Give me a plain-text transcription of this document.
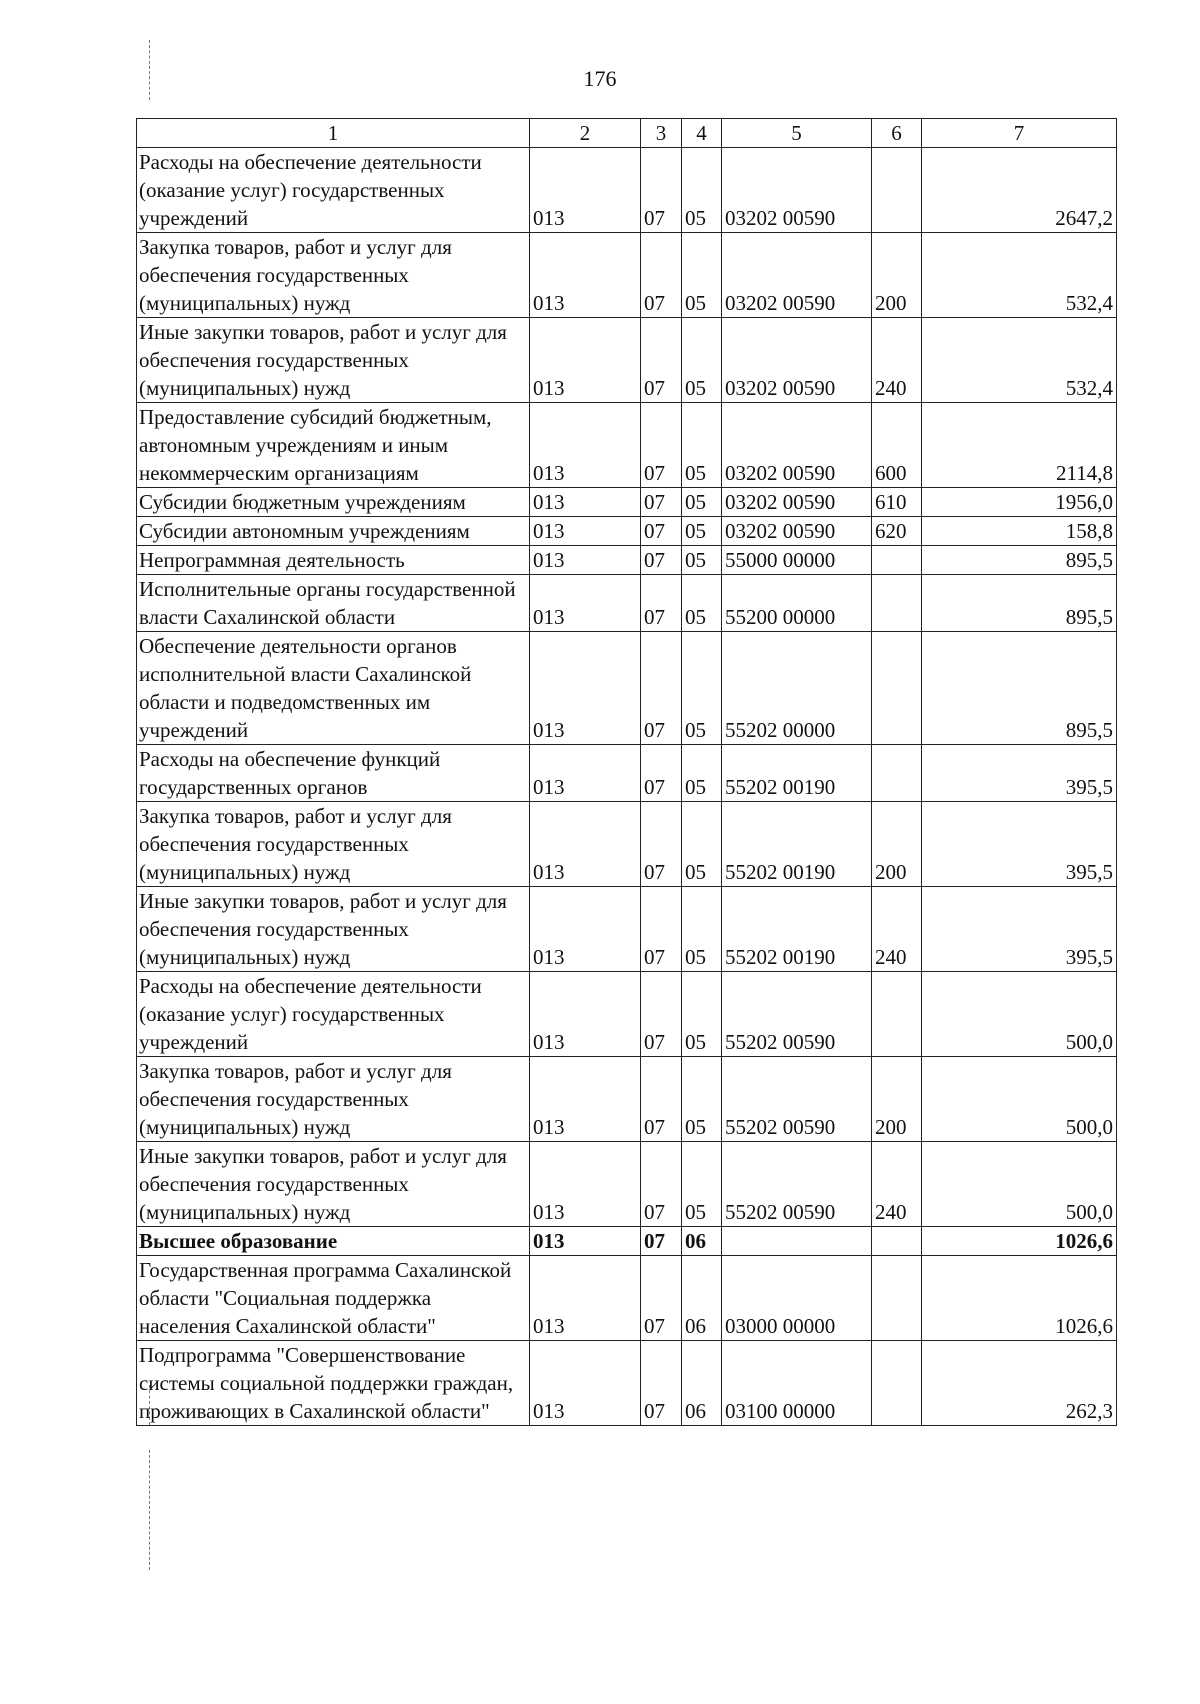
176
1	2	3	4	5	6	7
Расходы на обеспечение деятельности (оказание услуг) государственных учреждений	013	07	05	03202 00590		2647,2
Закупка товаров, работ и услуг для обеспечения государственных (муниципальных) нужд	013	07	05	03202 00590	200	532,4
Иные закупки товаров, работ и услуг для обеспечения государственных (муниципальных) нужд	013	07	05	03202 00590	240	532,4
Предоставление субсидий бюджетным, автономным учреждениям и иным некоммерческим организациям	013	07	05	03202 00590	600	2114,8
Субсидии бюджетным учреждениям	013	07	05	03202 00590	610	1956,0
Субсидии автономным учреждениям	013	07	05	03202 00590	620	158,8
Непрограммная деятельность	013	07	05	55000 00000		895,5
Исполнительные органы государственной власти Сахалинской области	013	07	05	55200 00000		895,5
Обеспечение деятельности органов исполнительной власти Сахалинской области и подведомственных им учреждений	013	07	05	55202 00000		895,5
Расходы на обеспечение функций государственных органов	013	07	05	55202 00190		395,5
Закупка товаров, работ и услуг для обеспечения государственных (муниципальных) нужд	013	07	05	55202 00190	200	395,5
Иные закупки товаров, работ и услуг для обеспечения государственных (муниципальных) нужд	013	07	05	55202 00190	240	395,5
Расходы на обеспечение деятельности (оказание услуг) государственных учреждений	013	07	05	55202 00590		500,0
Закупка товаров, работ и услуг для обеспечения государственных (муниципальных) нужд	013	07	05	55202 00590	200	500,0
Иные закупки товаров, работ и услуг для обеспечения государственных (муниципальных) нужд	013	07	05	55202 00590	240	500,0
Высшее образование	013	07	06			1026,6
Государственная программа Сахалинской области "Социальная поддержка населения Сахалинской области"	013	07	06	03000 00000		1026,6
Подпрограмма "Совершенствование системы социальной поддержки граждан, проживающих в Сахалинской области"	013	07	06	03100 00000		262,3
